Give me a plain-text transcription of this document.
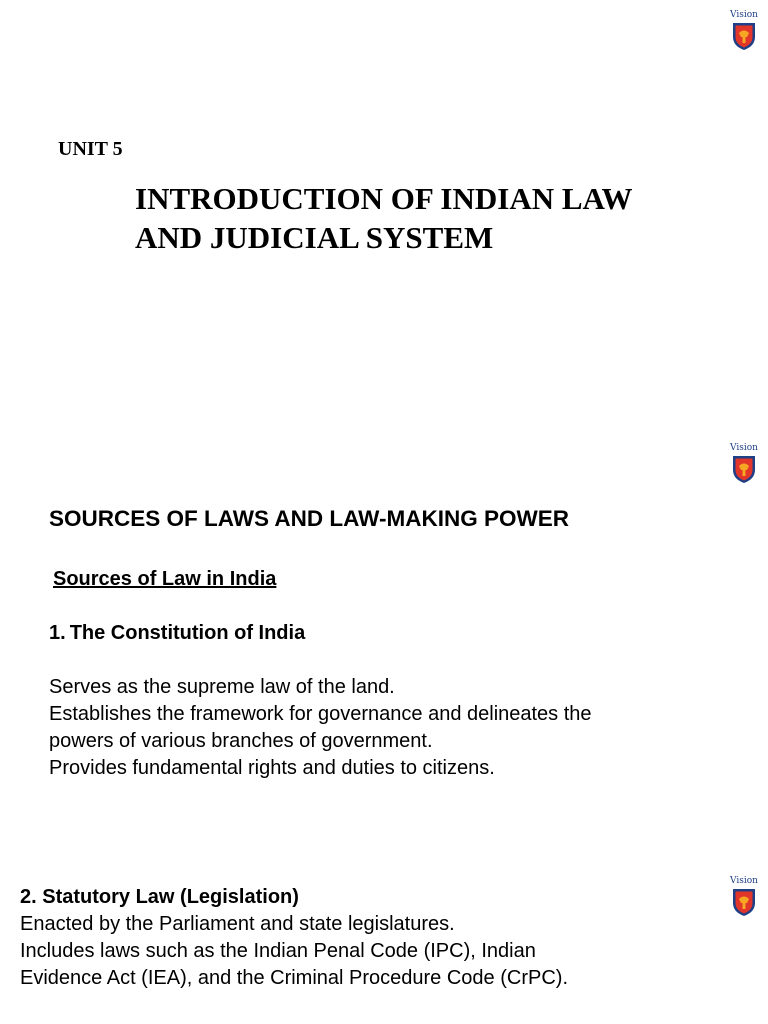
Vision
UNIT 5
INTRODUCTION OF INDIAN LAW
AND JUDICIAL SYSTEM
Vision
SOURCES OF LAWS AND LAW-MAKING POWER
Sources of Law in India
1. The Constitution of India

Serves as the supreme law of the land.

Establishes the framework for governance and delineates the

powers of various branches of government.

Provides fundamental rights and duties to citizens.

Vision
2. Statutory Law (Legislation)

Enacted by the Parliament and state legislatures.

Includes laws such as the Indian Penal Code (IPC), Indian

Evidence Act (IEA), and the Criminal Procedure Code (CrPC).
